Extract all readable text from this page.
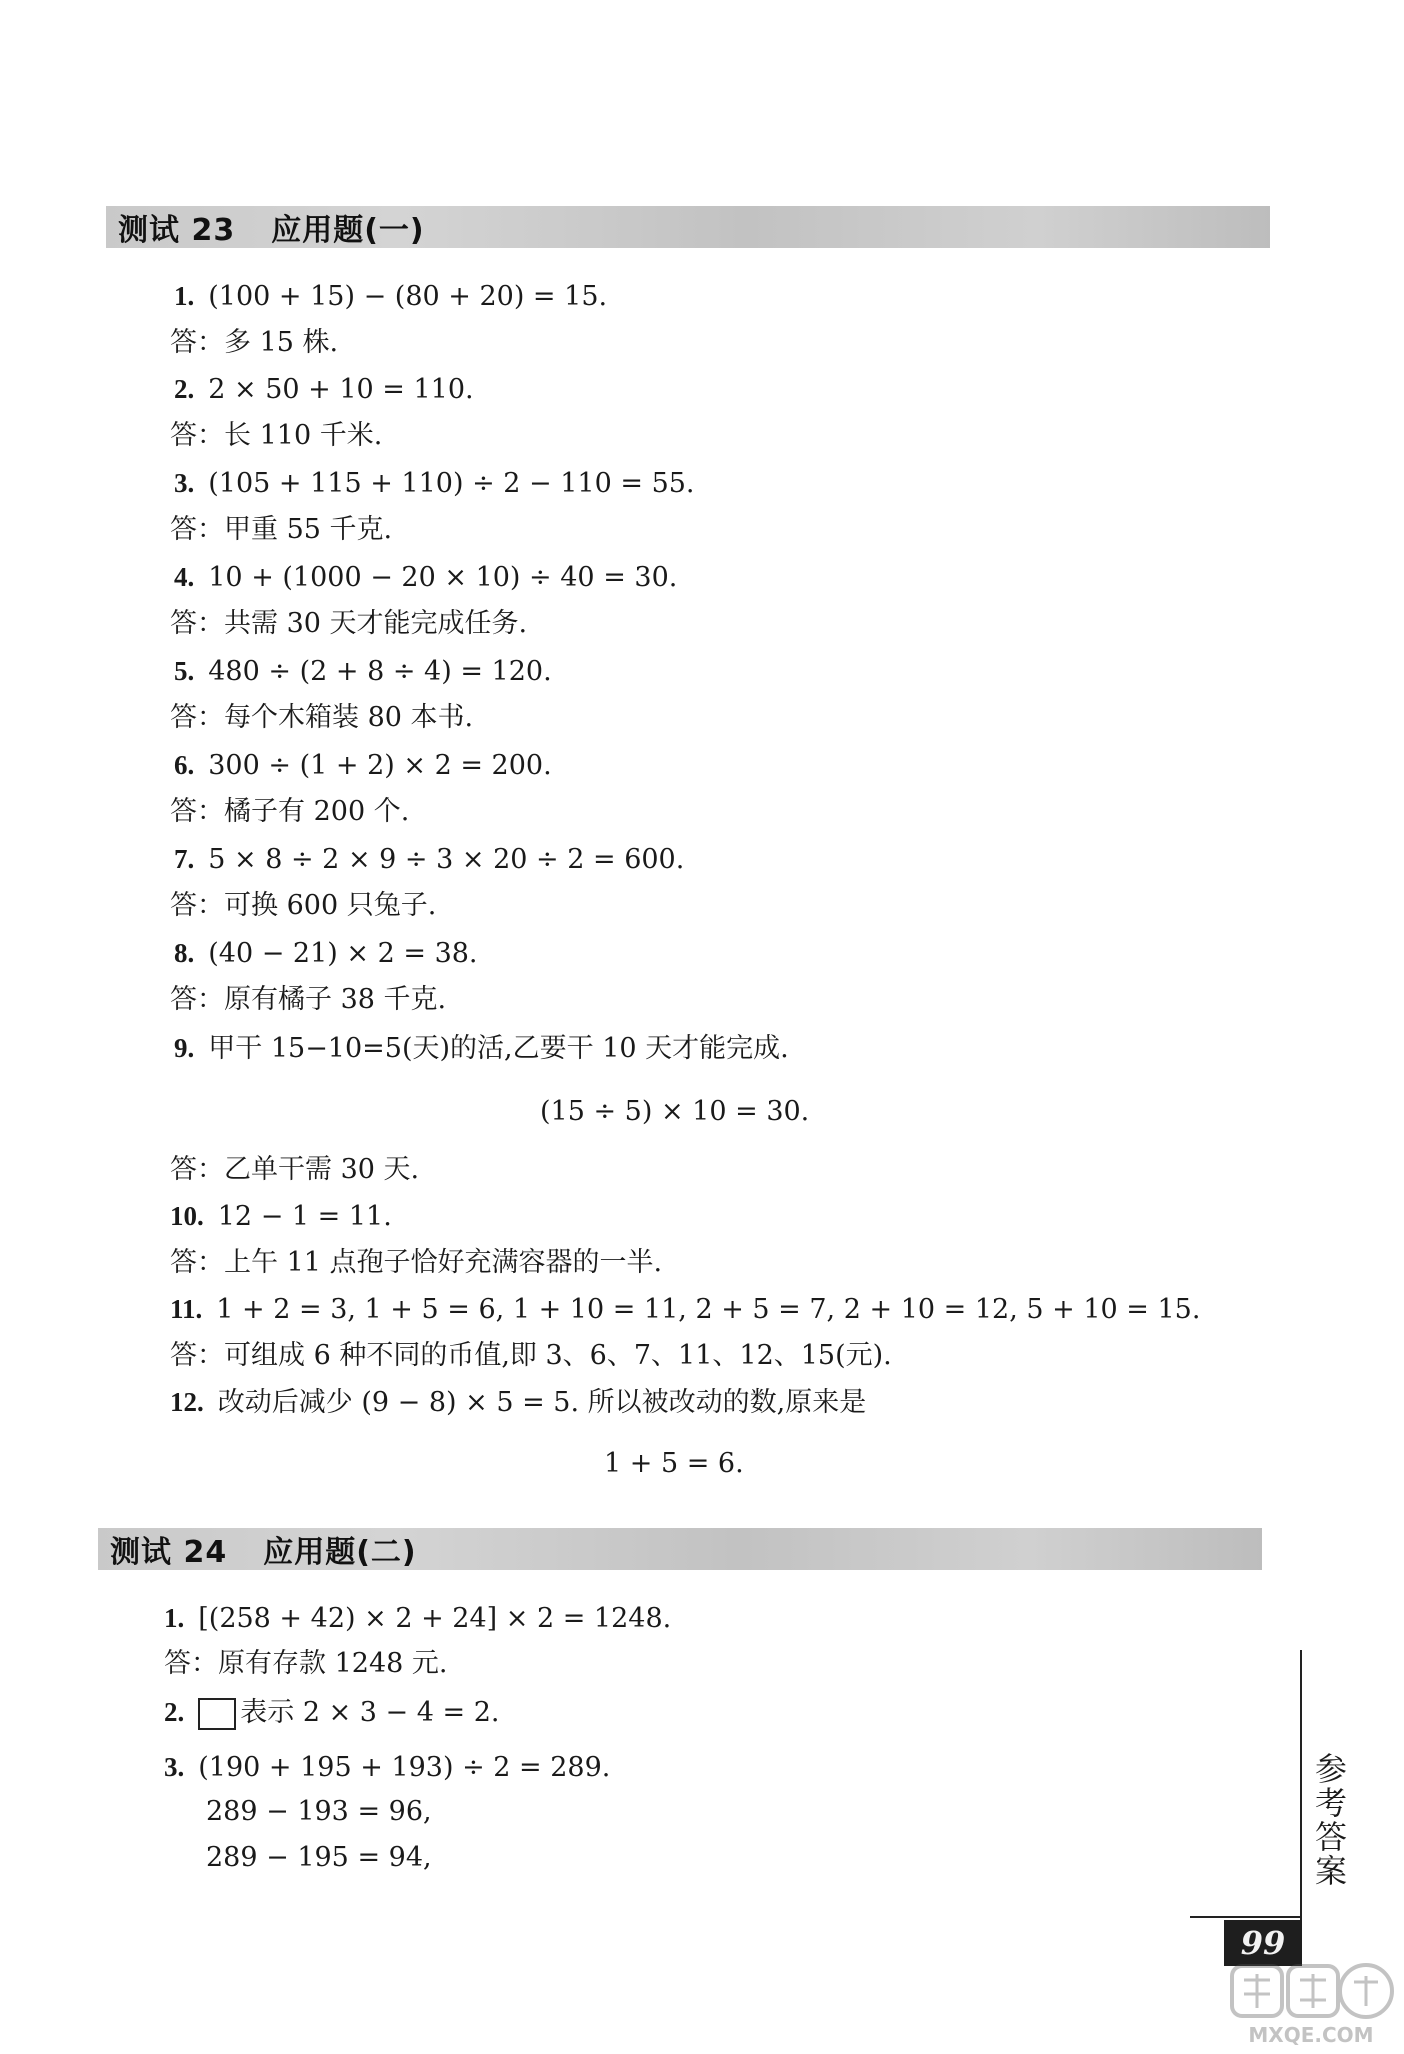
测试 23 应用题(一)
1. (100 + 15) − (80 + 20) = 15.
答：多 15 株.
2. 2 × 50 + 10 = 110.
答：长 110 千米.
3. (105 + 115 + 110) ÷ 2 − 110 = 55.
答：甲重 55 千克.
4. 10 + (1000 − 20 × 10) ÷ 40 = 30.
答：共需 30 天才能完成任务.
5. 480 ÷ (2 + 8 ÷ 4) = 120.
答：每个木箱装 80 本书.
6. 300 ÷ (1 + 2) × 2 = 200.
答：橘子有 200 个.
7. 5 × 8 ÷ 2 × 9 ÷ 3 × 20 ÷ 2 = 600.
答：可换 600 只兔子.
8. (40 − 21) × 2 = 38.
答：原有橘子 38 千克.
9. 甲干 15−10=5(天)的活,乙要干 10 天才能完成.
(15 ÷ 5) × 10 = 30.
答：乙单干需 30 天.
10. 12 − 1 = 11.
答：上午 11 点孢子恰好充满容器的一半.
11. 1 + 2 = 3, 1 + 5 = 6, 1 + 10 = 11, 2 + 5 = 7, 2 + 10 = 12, 5 + 10 = 15.
答：可组成 6 种不同的币值,即 3、6、7、11、12、15(元).
12. 改动后减少 (9 − 8) × 5 = 5. 所以被改动的数,原来是
1 + 5 = 6.
测试 24 应用题(二)
1. [(258 + 42) × 2 + 24] × 2 = 1248.
答：原有存款 1248 元.
2. 表示 2 × 3 − 4 = 2.
3. (190 + 195 + 193) ÷ 2 = 289.
289 − 193 = 96,
289 − 195 = 94,	参考答案
99
MXQE.COM
